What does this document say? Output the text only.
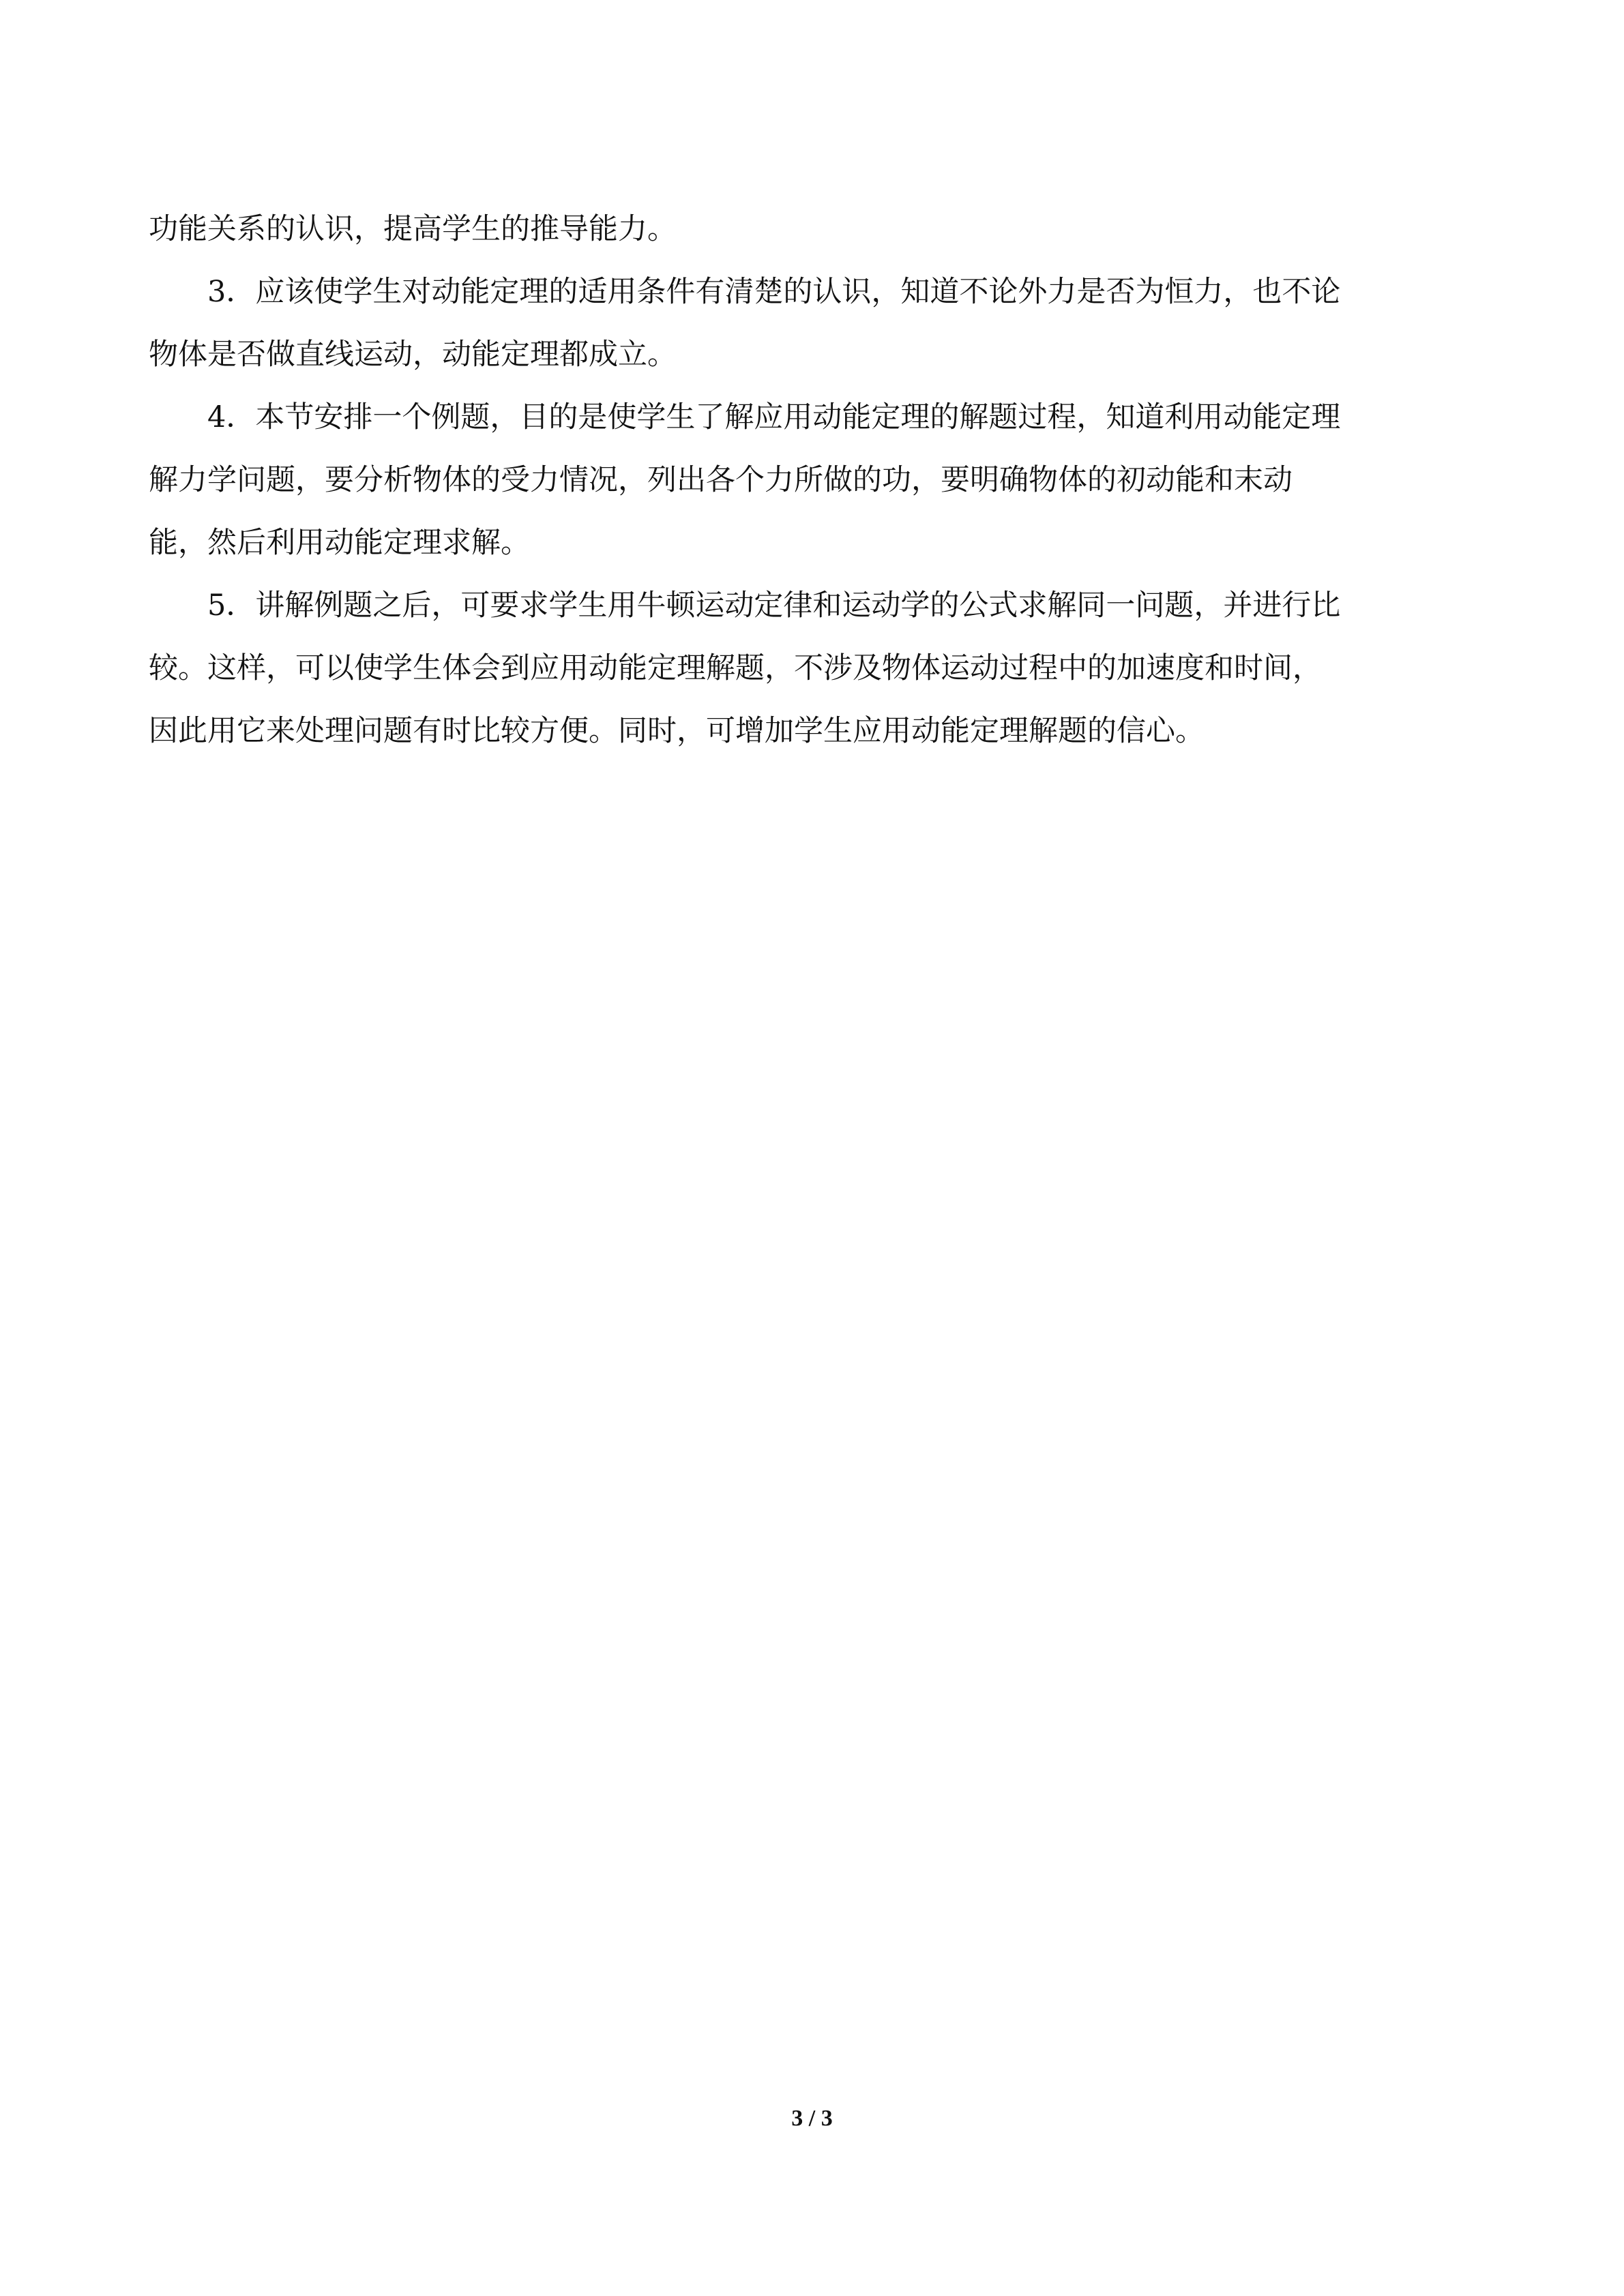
功能关系的认识，提高学生的推导能力。
3．应该使学生对动能定理的适用条件有清楚的认识，知道不论外力是否为恒力，也不论
物体是否做直线运动，动能定理都成立。
4．本节安排一个例题，目的是使学生了解应用动能定理的解题过程，知道利用动能定理
解力学问题，要分析物体的受力情况，列出各个力所做的功，要明确物体的初动能和末动
能，然后利用动能定理求解。
5．讲解例题之后，可要求学生用牛顿运动定律和运动学的公式求解同一问题，并进行比
较。这样，可以使学生体会到应用动能定理解题，不涉及物体运动过程中的加速度和时间，
因此用它来处理问题有时比较方便。同时，可增加学生应用动能定理解题的信心。
3 / 3
